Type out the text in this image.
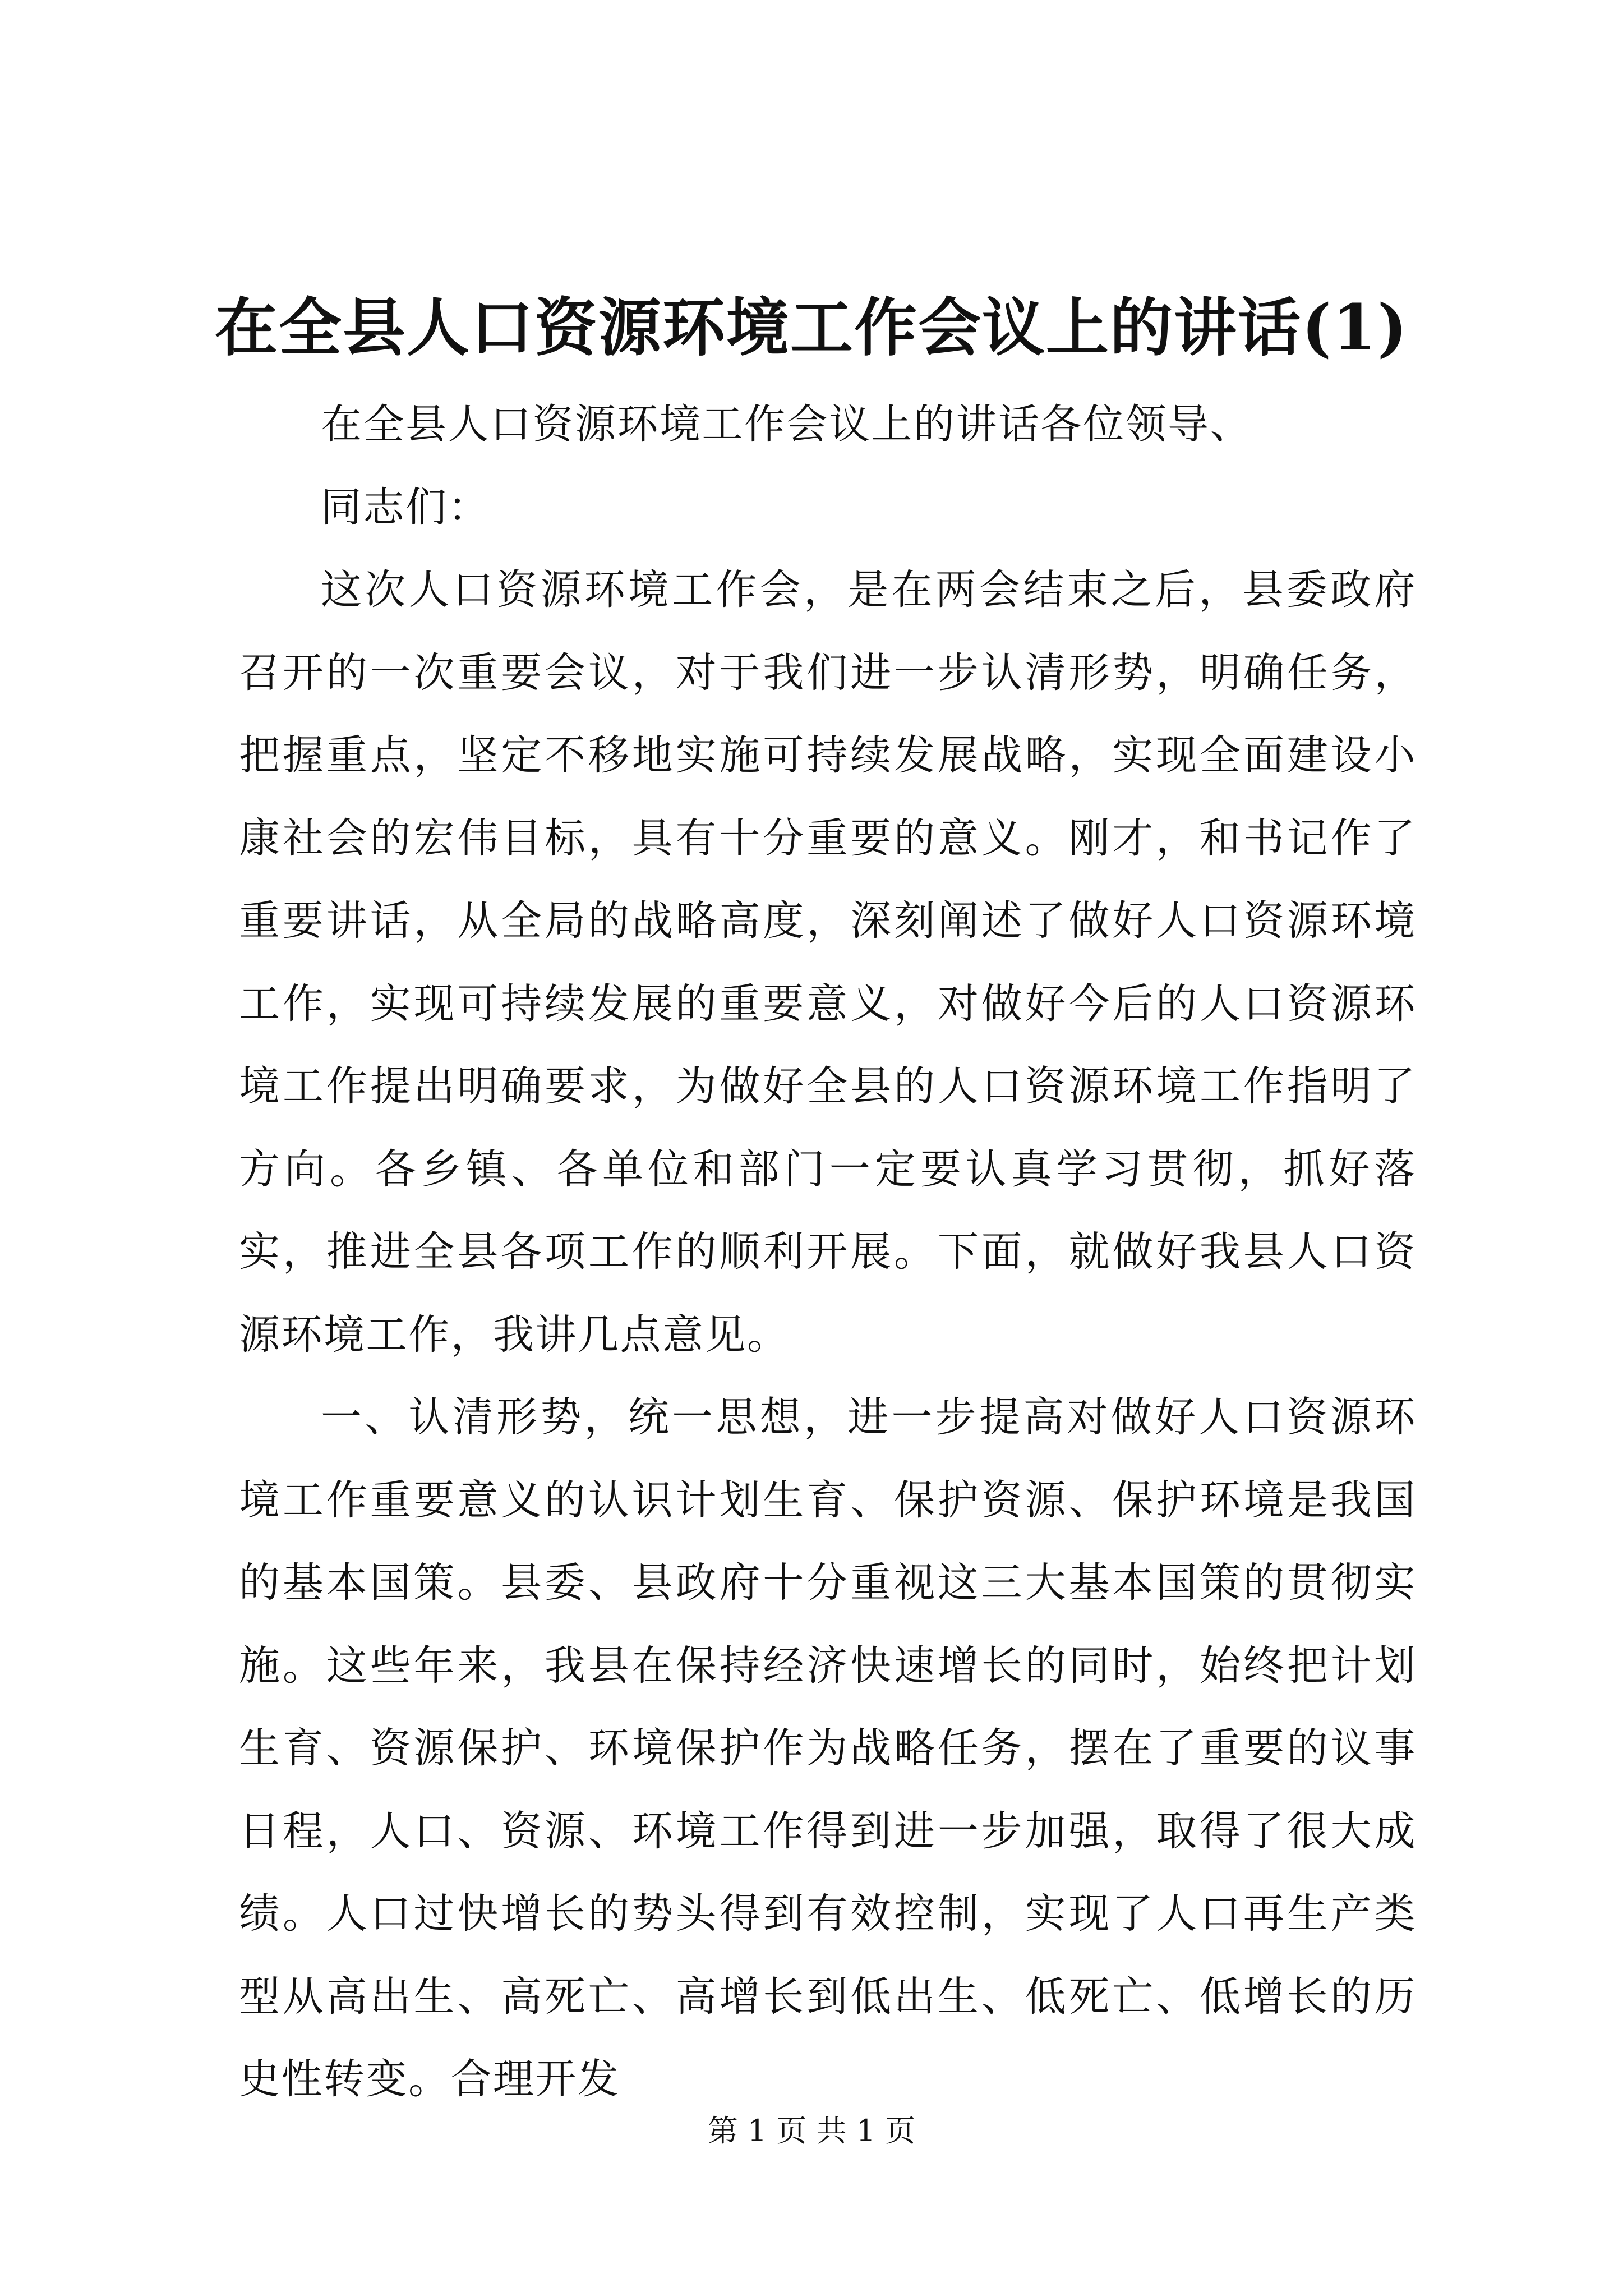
在全县人口资源环境工作会议上的讲话(1)

在全县人口资源环境工作会议上的讲话各位领导、

同志们：

这次人口资源环境工作会，是在两会结束之后，县委政府召开的一次重要会议，对于我们进一步认清形势，明确任务，把握重点，坚定不移地实施可持续发展战略，实现全面建设小康社会的宏伟目标，具有十分重要的意义。刚才，和书记作了重要讲话，从全局的战略高度，深刻阐述了做好人口资源环境工作，实现可持续发展的重要意义，对做好今后的人口资源环境工作提出明确要求，为做好全县的人口资源环境工作指明了方向。各乡镇、各单位和部门一定要认真学习贯彻，抓好落实，推进全县各项工作的顺利开展。下面，就做好我县人口资源环境工作，我讲几点意见。

一、认清形势，统一思想，进一步提高对做好人口资源环境工作重要意义的认识计划生育、保护资源、保护环境是我国的基本国策。县委、县政府十分重视这三大基本国策的贯彻实施。这些年来，我县在保持经济快速增长的同时，始终把计划生育、资源保护、环境保护作为战略任务，摆在了重要的议事日程，人口、资源、环境工作得到进一步加强，取得了很大成绩。人口过快增长的势头得到有效控制，实现了人口再生产类型从高出生、高死亡、高增长到低出生、低死亡、低增长的历史性转变。合理开发

第 1 页 共 1 页
